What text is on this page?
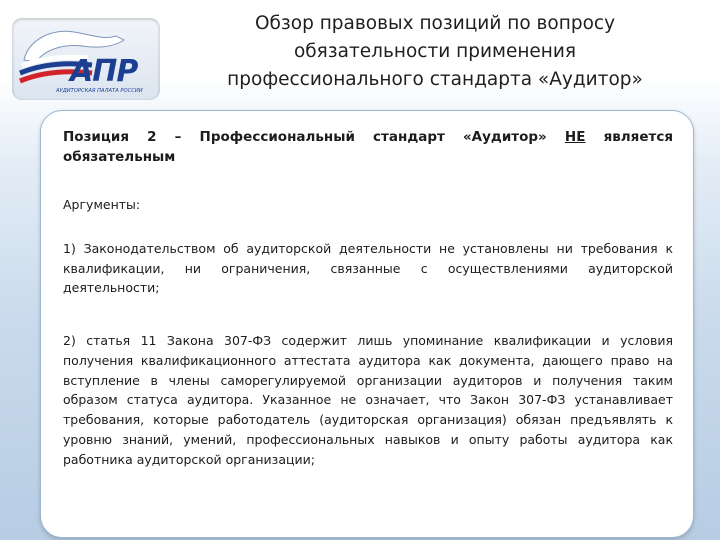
АПР
АУДИТОРСКАЯ ПАЛАТА РОССИИ
Обзор правовых позиций по вопросу
обязательности применения
профессионального стандарта «Аудитор»

Позиция 2 – Профессиональный стандарт «Аудитор» НЕ является обязательным

Аргументы:

1) Законодательством об аудиторской деятельности не установлены ни требования к квалификации, ни ограничения, связанные с осуществлениями аудиторской деятельности;

2) статья 11 Закона 307-ФЗ содержит лишь упоминание квалификации и условия получения квалификационного аттестата аудитора как документа, дающего право на вступление в члены саморегулируемой организации аудиторов и получения таким образом статуса аудитора. Указанное не означает, что Закон 307-ФЗ устанавливает требования, которые работодатель (аудиторская организация) обязан предъявлять к уровню знаний, умений, профессиональных навыков и опыту работы аудитора как работника аудиторской организации;
